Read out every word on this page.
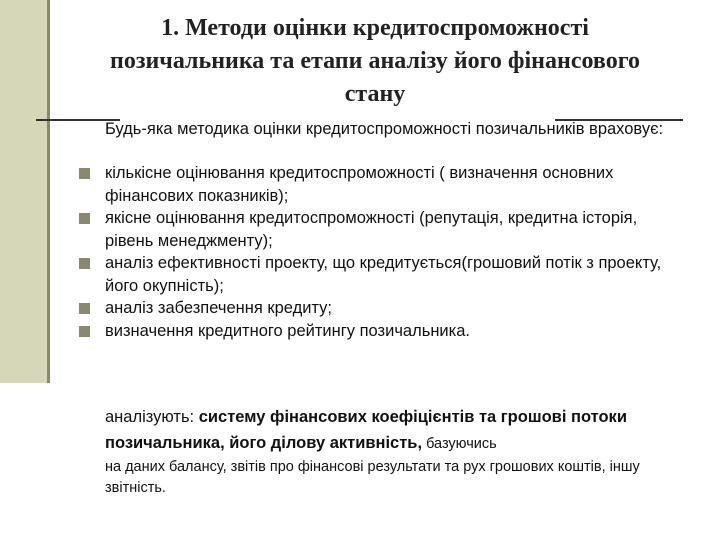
1. Методи оцінки кредитоспроможності позичальника та етапи аналізу його фінансового стану

Будь-яка методика оцінки кредитоспроможності позичальників враховує:

кількісне оцінювання кредитоспроможності ( визначення основних фінансових показників);
якісне оцінювання кредитоспроможності (репутація, кредитна історія, рівень менеджменту);
аналіз ефективності проекту, що кредитується(грошовий потік з проекту, його окупність);
аналіз забезпечення кредиту;
визначення кредитного рейтингу позичальника.

аналізують: систему фінансових коефіцієнтів та грошові потоки позичальника, його ділову активність, базуючись
на даних балансу, звітів про фінансові результати та рух грошових коштів, іншу звітність.
